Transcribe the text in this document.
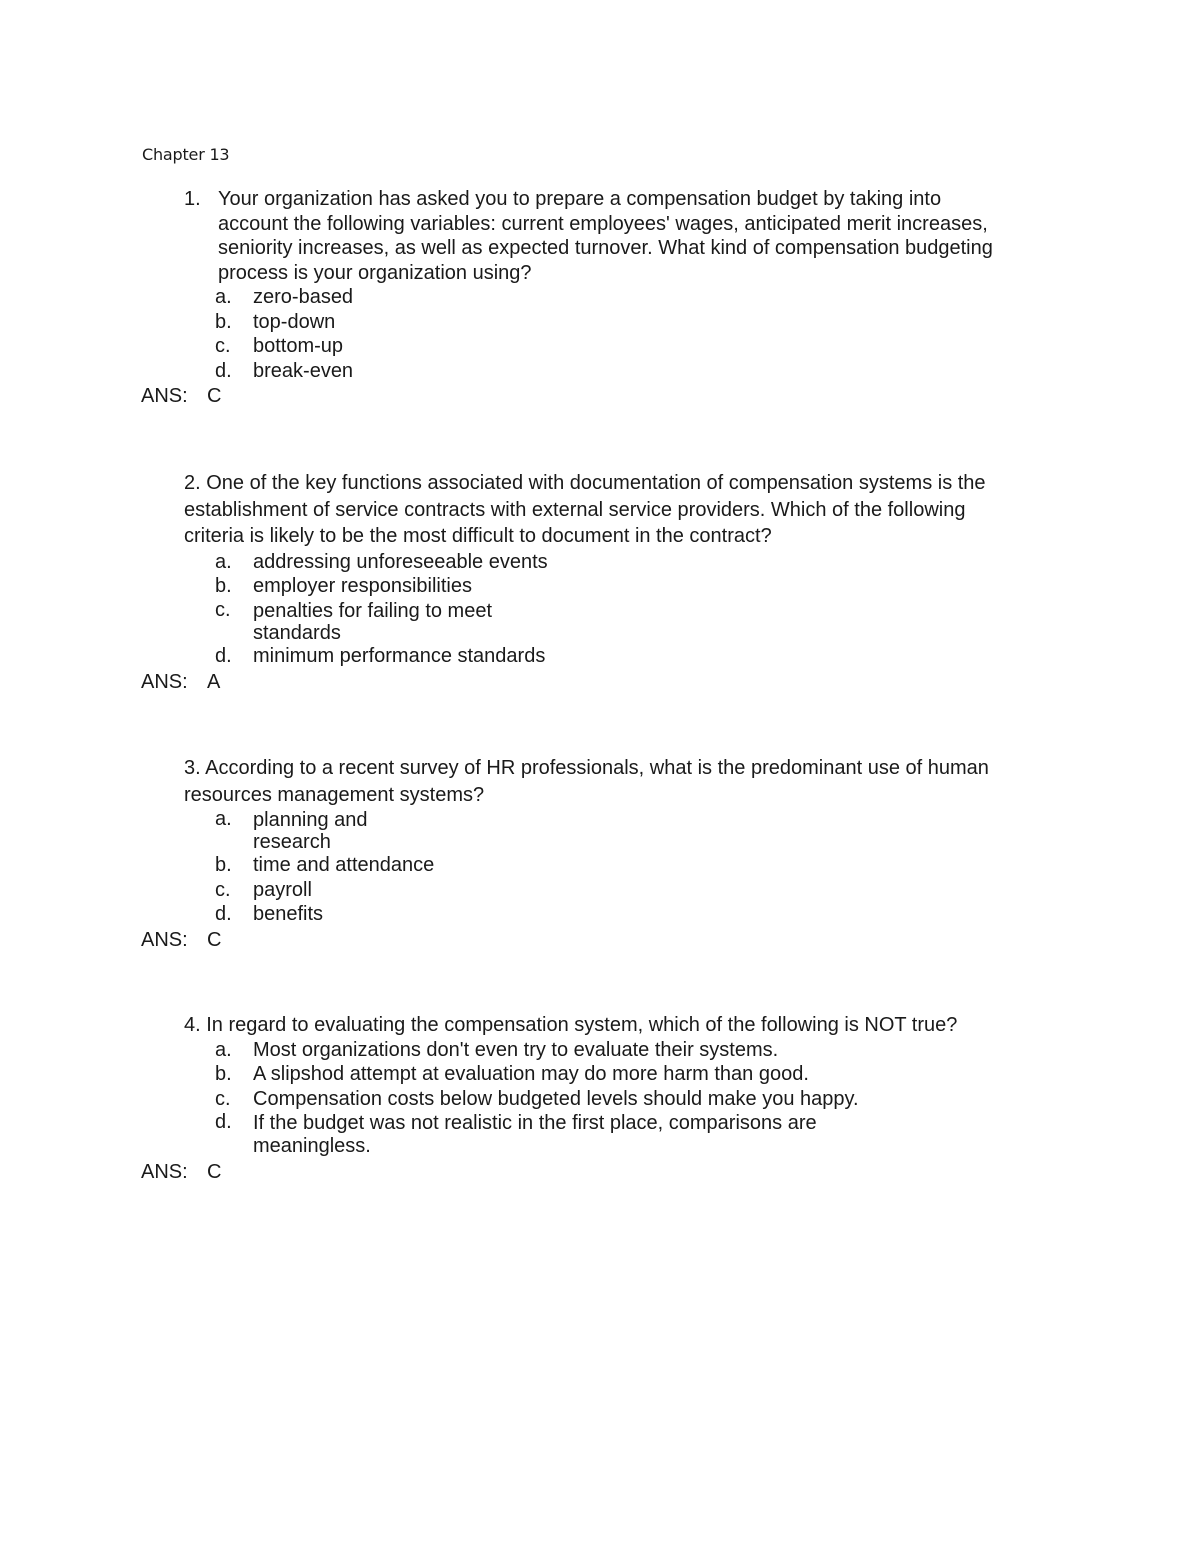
Chapter 13
1. Your organization has asked you to prepare a compensation budget by taking into account the following variables: current employees' wages, anticipated merit increases, seniority increases, as well as expected turnover. What kind of compensation budgeting process is your organization using?

a. zero-based
b. top-down
c. bottom-up
d. break-even
ANS: C

2. One of the key functions associated with documentation of compensation systems is the establishment of service contracts with external service providers. Which of the following criteria is likely to be the most difficult to document in the contract?

a. addressing unforeseeable events
b. employer responsibilities
c. penalties for failing to meet standards
d. minimum performance standards
ANS: A

3. According to a recent survey of HR professionals, what is the predominant use of human resources management systems?

a. planning and research
b. time and attendance
c. payroll
d. benefits
ANS: C

4. In regard to evaluating the compensation system, which of the following is NOT true?

a. Most organizations don't even try to evaluate their systems.
b. A slipshod attempt at evaluation may do more harm than good.
c. Compensation costs below budgeted levels should make you happy.
d. If the budget was not realistic in the first place, comparisons are meaningless.
ANS: C
